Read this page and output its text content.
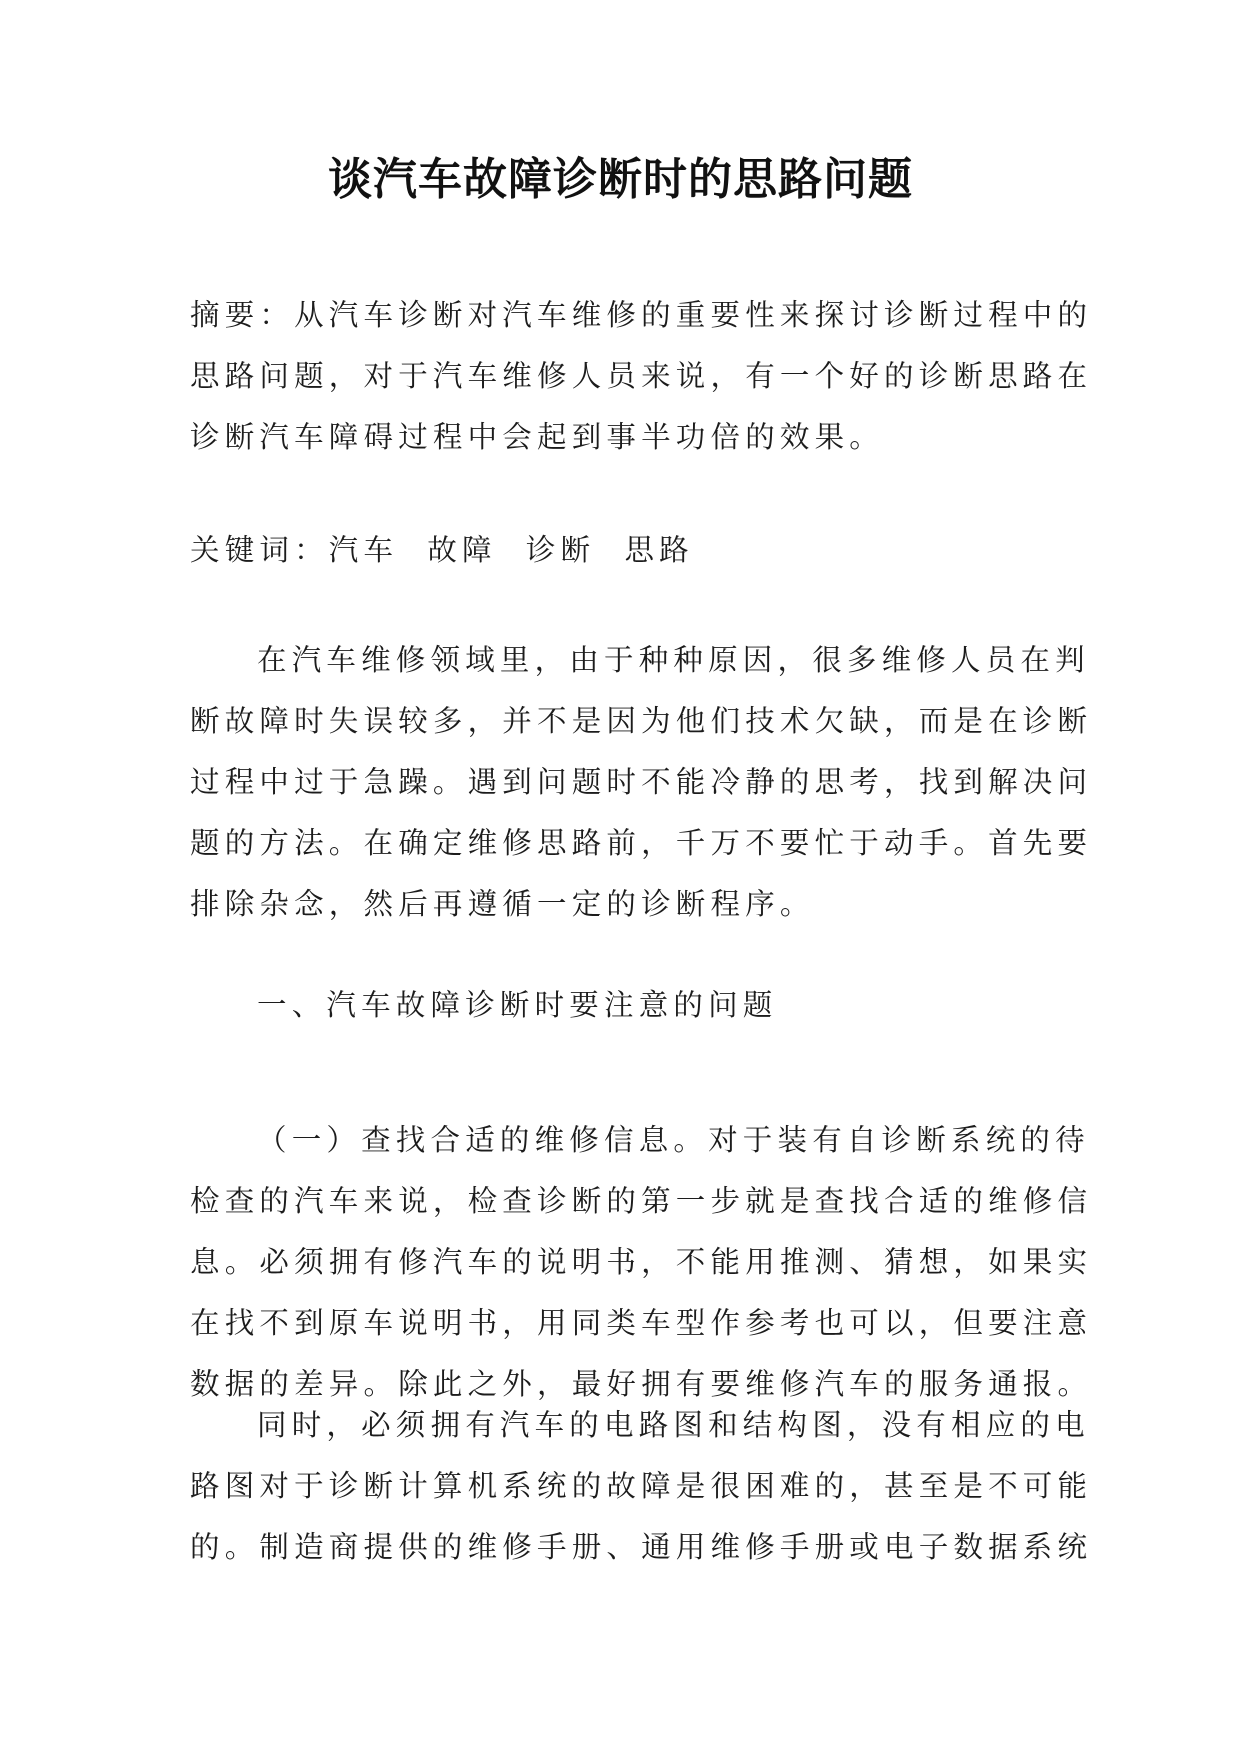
谈汽车故障诊断时的思路问题
摘要：从汽车诊断对汽车维修的重要性来探讨诊断过程中的
思路问题，对于汽车维修人员来说，有一个好的诊断思路在
诊断汽车障碍过程中会起到事半功倍的效果。
关键词：汽车  故障  诊断  思路
在汽车维修领域里，由于种种原因，很多维修人员在判
断故障时失误较多，并不是因为他们技术欠缺，而是在诊断
过程中过于急躁。遇到问题时不能冷静的思考，找到解决问
题的方法。在确定维修思路前，千万不要忙于动手。首先要
排除杂念，然后再遵循一定的诊断程序。
一、汽车故障诊断时要注意的问题
（一）查找合适的维修信息。对于装有自诊断系统的待
检查的汽车来说，检查诊断的第一步就是查找合适的维修信
息。必须拥有修汽车的说明书，不能用推测、猜想，如果实
在找不到原车说明书，用同类车型作参考也可以，但要注意
数据的差异。除此之外，最好拥有要维修汽车的服务通报。
同时，必须拥有汽车的电路图和结构图，没有相应的电
路图对于诊断计算机系统的故障是很困难的，甚至是不可能
的。制造商提供的维修手册、通用维修手册或电子数据系统
